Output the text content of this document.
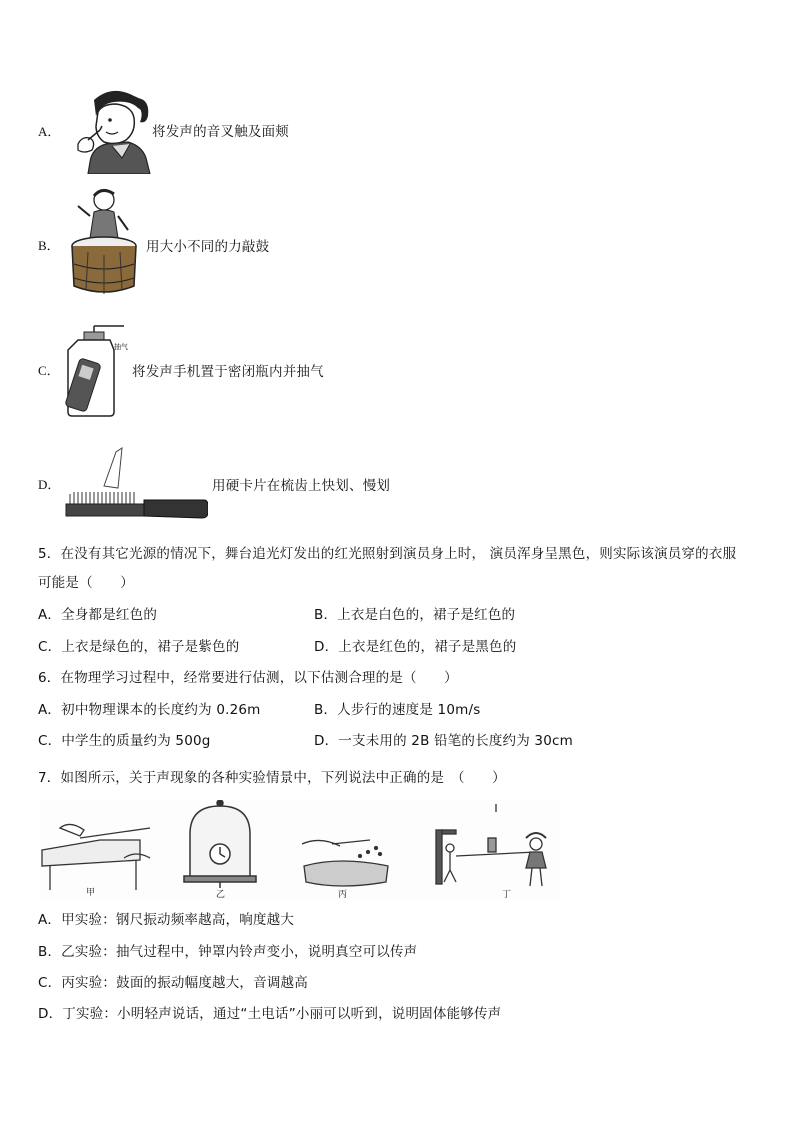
A．	将发声的音叉触及面颊
B．	用大小不同的力敲鼓
C．
抽气
将发声手机置于密闭瓶内并抽气
D．	用硬卡片在梳齿上快划、慢划
5．在没有其它光源的情况下，舞台追光灯发出的红光照射到演员身上时， 演员浑身呈黑色，则实际该演员穿的衣服
可能是（　　）
A．全身都是红色的	B．上衣是白色的，裙子是红色的
C．上衣是绿色的，裙子是紫色的	D．上衣是红色的，裙子是黑色的
6．在物理学习过程中，经常要进行估测，以下估测合理的是（　　）
A．初中物理课本的长度约为 0.26m	B．人步行的速度是 10m/s
C．中学生的质量约为 500g	D．一支未用的 2B 铅笔的长度约为 30cm
7．如图所示，关于声现象的各种实验情景中，下列说法中正确的是　（　　）
甲	乙	丙	丁
A．甲实验：钢尺振动频率越高，响度越大
B．乙实验：抽气过程中，钟罩内铃声变小，说明真空可以传声
C．丙实验：鼓面的振动幅度越大，音调越高
D．丁实验：小明轻声说话，通过“土电话”小丽可以听到，说明固体能够传声
